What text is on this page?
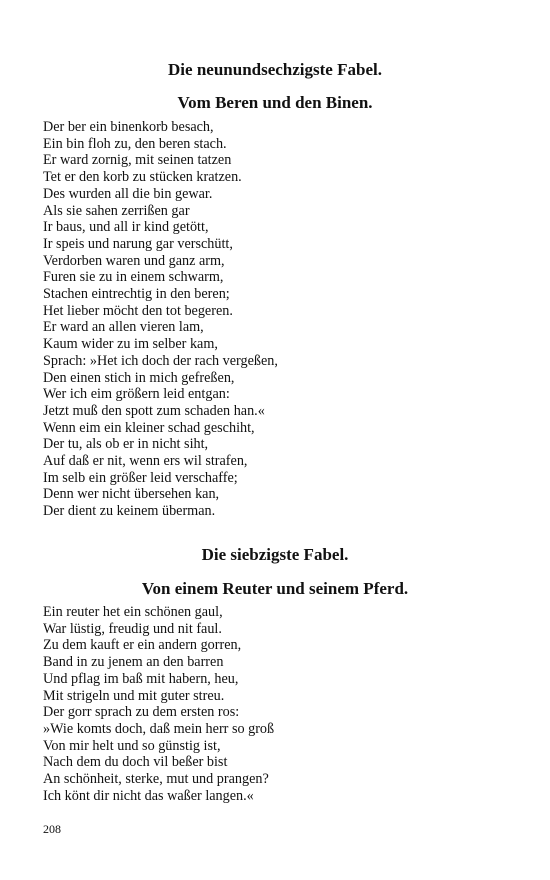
Die neunundsechzigste Fabel.
Vom Beren und den Binen.
Der ber ein binenkorb besach,
Ein bin floh zu, den beren stach.
Er ward zornig, mit seinen tatzen
Tet er den korb zu stücken kratzen.
Des wurden all die bin gewar.
Als sie sahen zerrißen gar
Ir baus, und all ir kind getött,
Ir speis und narung gar verschütt,
Verdorben waren und ganz arm,
Furen sie zu in einem schwarm,
Stachen eintrechtig in den beren;
Het lieber möcht den tot begeren.
Er ward an allen vieren lam,
Kaum wider zu im selber kam,
Sprach: »Het ich doch der rach vergeßen,
Den einen stich in mich gefreßen,
Wer ich eim größern leid entgan:
Jetzt muß den spott zum schaden han.«
Wenn eim ein kleiner schad geschiht,
Der tu, als ob er in nicht siht,
Auf daß er nit, wenn ers wil strafen,
Im selb ein größer leid verschaffe;
Denn wer nicht übersehen kan,
Der dient zu keinem überman.
Die siebzigste Fabel.
Von einem Reuter und seinem Pferd.
Ein reuter het ein schönen gaul,
War lüstig, freudig und nit faul.
Zu dem kauft er ein andern gorren,
Band in zu jenem an den barren
Und pflag im baß mit habern, heu,
Mit strigeln und mit guter streu.
Der gorr sprach zu dem ersten ros:
»Wie komts doch, daß mein herr so groß
Von mir helt und so günstig ist,
Nach dem du doch vil beßer bist
An schönheit, sterke, mut und prangen?
Ich könt dir nicht das waßer langen.«
208
